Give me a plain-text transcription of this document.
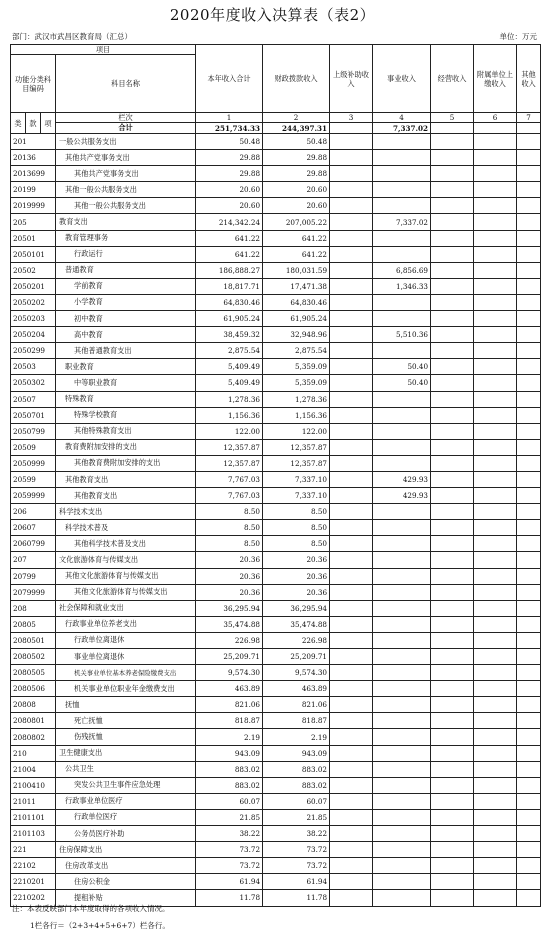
2020年度收入决算表（表2）
部门：武汉市武昌区教育局（汇总）	单位：万元
项目				本年收入合计	财政拨款收入	上级补助收入	事业收入	经营收入	附属单位上缴收入	其他收入
功能分类科目编码			科目名称							

类	款	项	栏次	1	2	3	4	5	6	7
			合计	251,734.33	244,397.31		7,337.02			
201			一般公共服务支出	50.48	50.48					
20136			其他共产党事务支出	29.88	29.88					
2013699			其他共产党事务支出	29.88	29.88					
20199			其他一般公共服务支出	20.60	20.60					
2019999			其他一般公共服务支出	20.60	20.60					
205			教育支出	214,342.24	207,005.22		7,337.02			
20501			教育管理事务	641.22	641.22					
2050101			行政运行	641.22	641.22					
20502			普通教育	186,888.27	180,031.59		6,856.69			
2050201			学前教育	18,817.71	17,471.38		1,346.33			
2050202			小学教育	64,830.46	64,830.46					
2050203			初中教育	61,905.24	61,905.24					
2050204			高中教育	38,459.32	32,948.96		5,510.36			
2050299			其他普通教育支出	2,875.54	2,875.54					
20503			职业教育	5,409.49	5,359.09		50.40			
2050302			中等职业教育	5,409.49	5,359.09		50.40			
20507			特殊教育	1,278.36	1,278.36					
2050701			特殊学校教育	1,156.36	1,156.36					
2050799			其他特殊教育支出	122.00	122.00					
20509			教育费附加安排的支出	12,357.87	12,357.87					
2050999			其他教育费附加安排的支出	12,357.87	12,357.87					
20599			其他教育支出	7,767.03	7,337.10		429.93			
2059999			其他教育支出	7,767.03	7,337.10		429.93			
206			科学技术支出	8.50	8.50					
20607			科学技术普及	8.50	8.50					
2060799			其他科学技术普及支出	8.50	8.50					
207			文化旅游体育与传媒支出	20.36	20.36					
20799			其他文化旅游体育与传媒支出	20.36	20.36					
2079999			其他文化旅游体育与传媒支出	20.36	20.36					
208			社会保障和就业支出	36,295.94	36,295.94					
20805			行政事业单位养老支出	35,474.88	35,474.88					
2080501			行政单位离退休	226.98	226.98					
2080502			事业单位离退休	25,209.71	25,209.71					
2080505			机关事业单位基本养老保险缴费支出	9,574.30	9,574.30					
2080506			机关事业单位职业年金缴费支出	463.89	463.89					
20808			抚恤	821.06	821.06					
2080801			死亡抚恤	818.87	818.87					
2080802			伤残抚恤	2.19	2.19					
210			卫生健康支出	943.09	943.09					
21004			公共卫生	883.02	883.02					
2100410			突发公共卫生事件应急处理	883.02	883.02					
21011			行政事业单位医疗	60.07	60.07					
2101101			行政单位医疗	21.85	21.85					
2101103			公务员医疗补助	38.22	38.22					
221			住房保障支出	73.72	73.72					
22102			住房改革支出	73.72	73.72					
2210201			住房公积金	61.94	61.94					
2210202			提租补贴	11.78	11.78					
注：本表反映部门本年度取得的各项收入情况。
1栏各行＝（2+3+4+5+6+7）栏各行。
